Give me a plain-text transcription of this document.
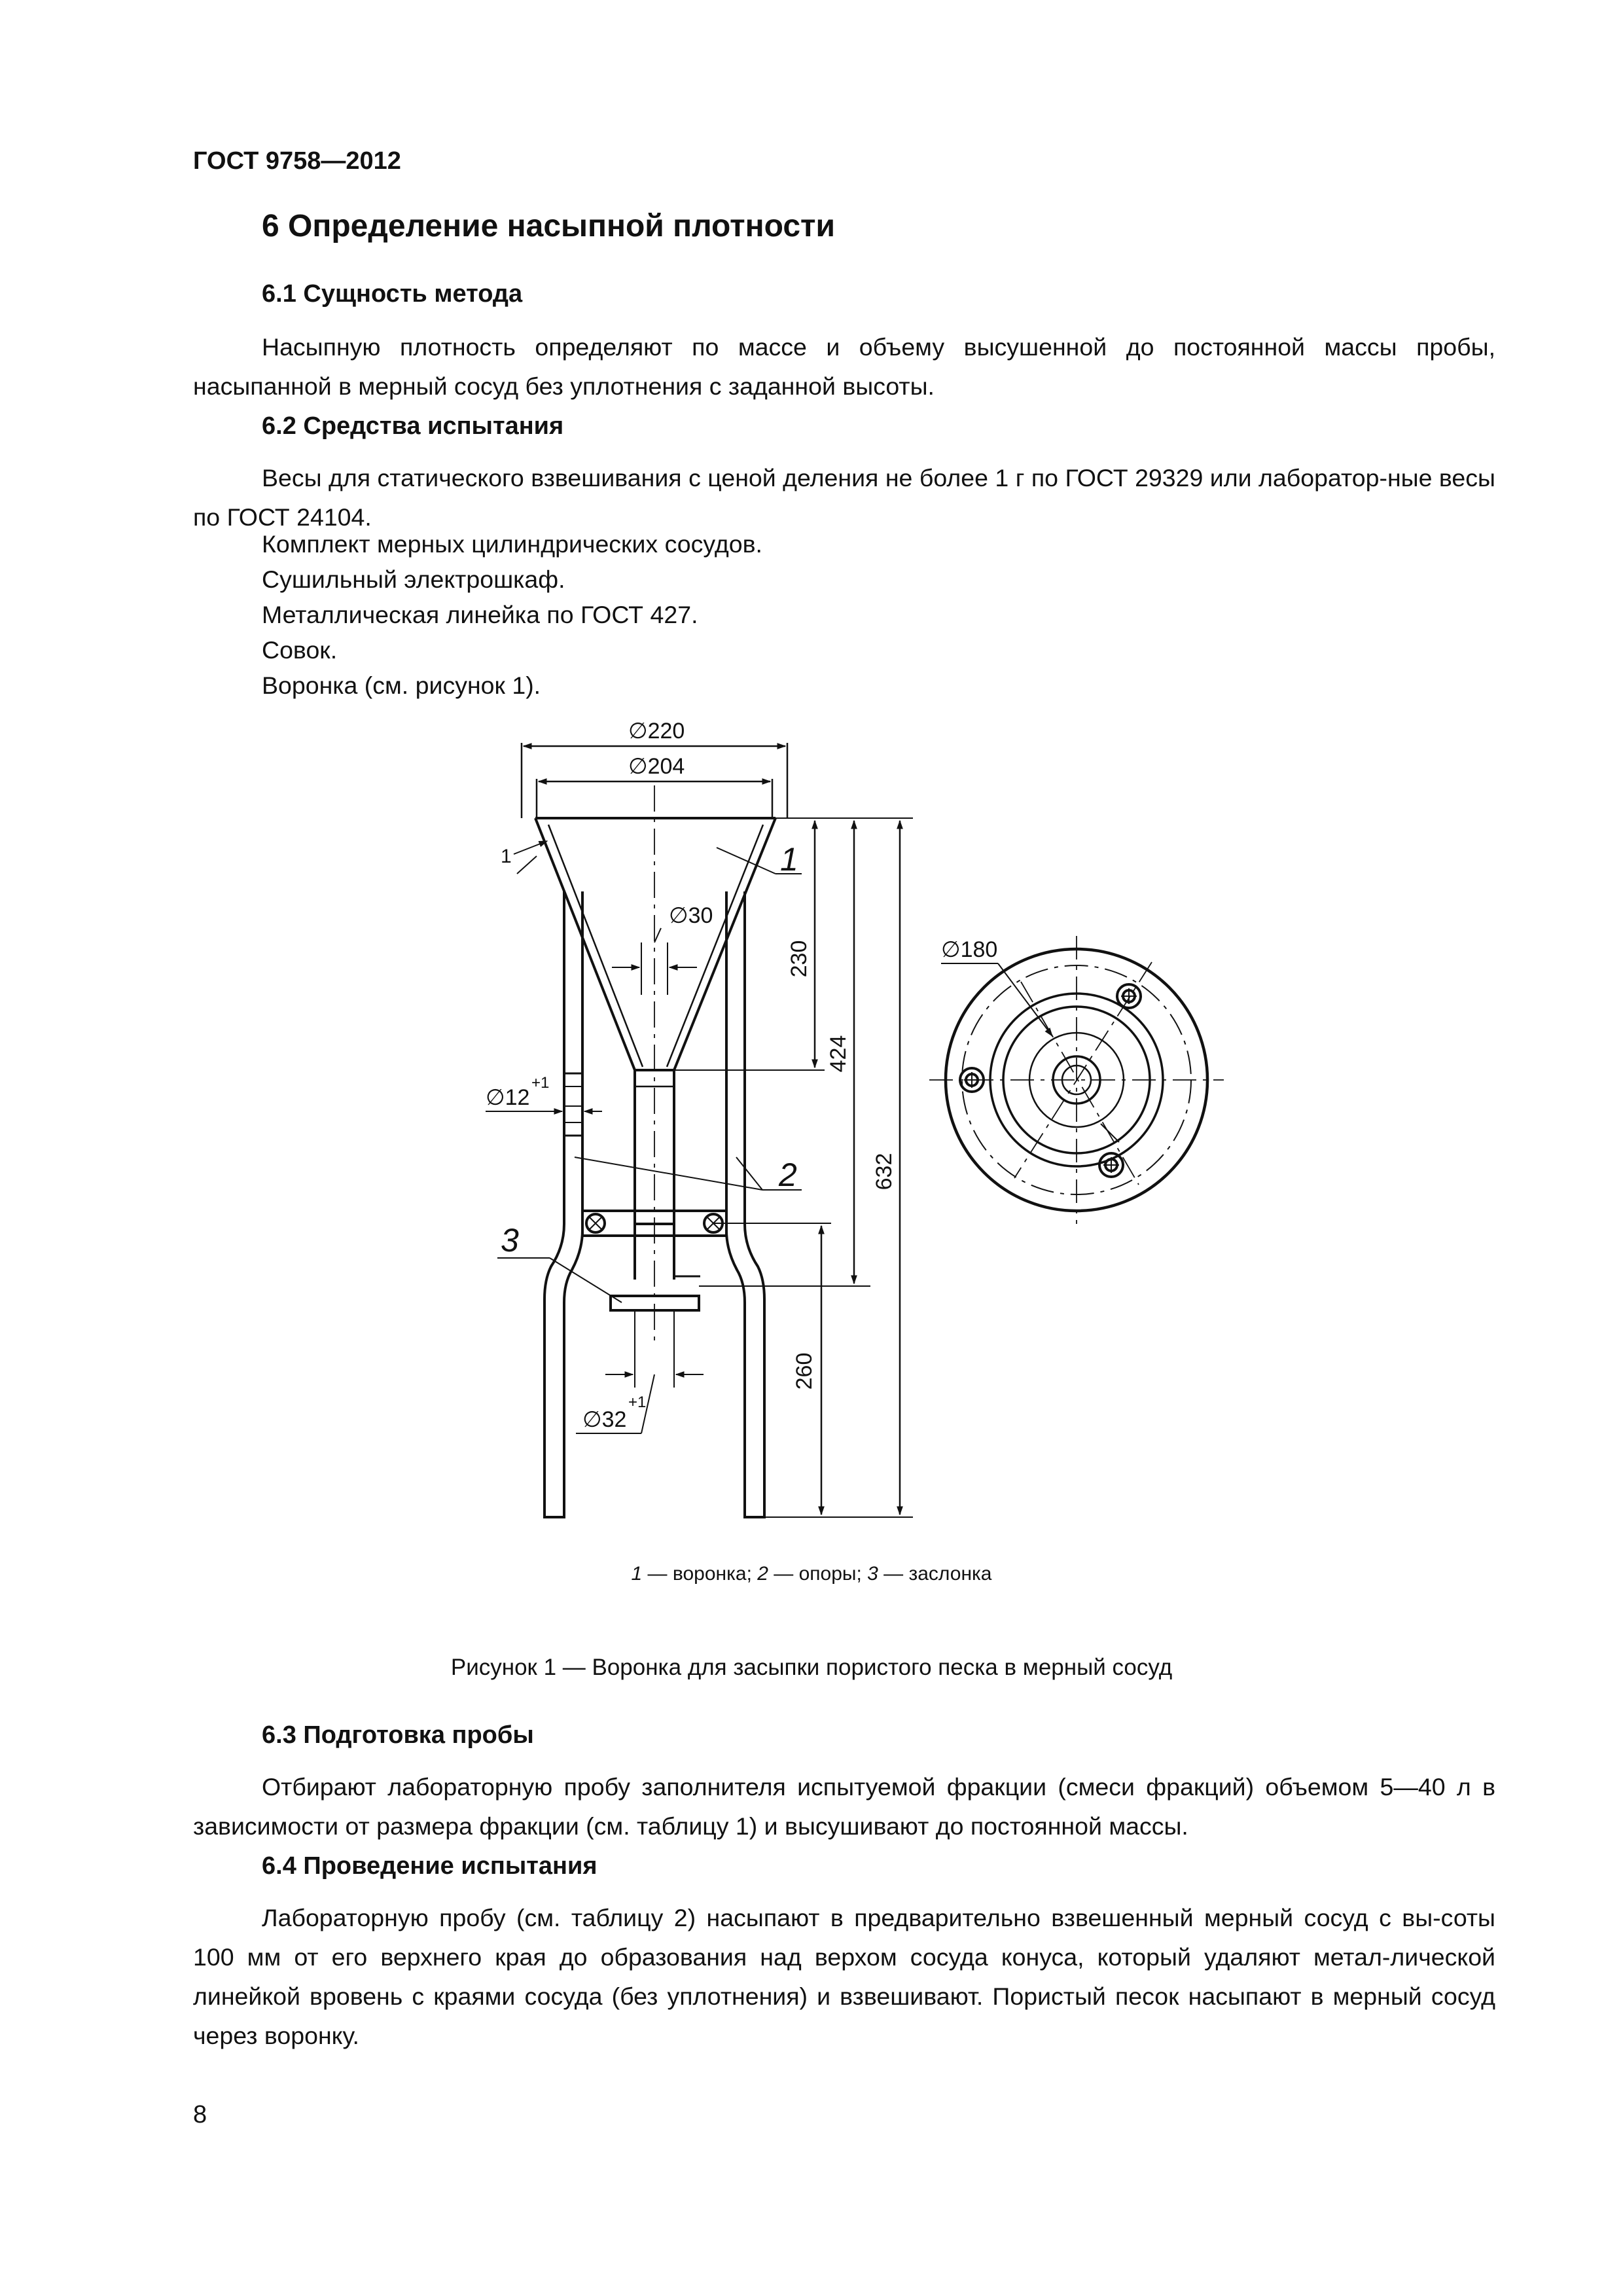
ГОСТ 9758—2012
6 Определение насыпной плотности
6.1 Сущность метода
Насыпную плотность определяют по массе и объему высушенной до постоянной массы пробы, насыпанной в мерный сосуд без уплотнения с заданной высоты.
6.2 Средства испытания
Весы для статического взвешивания с ценой деления не более 1 г по ГОСТ 29329 или лаборатор-ные весы по ГОСТ 24104.
Комплект мерных цилиндрических сосудов.
Сушильный электрошкаф.
Металлическая линейка по ГОСТ 427.
Совок.
Воронка (см. рисунок 1).
∅220
∅204
∅30
∅12
+1
∅32
+1
∅180
230
424
632
260
1	1
2
3
1 — воронка; 2 — опоры; 3 — заслонка
Рисунок 1 — Воронка для засыпки пористого песка в мерный сосуд
6.3 Подготовка пробы
Отбирают лабораторную пробу заполнителя испытуемой фракции (смеси фракций) объемом 5—40 л в зависимости от размера фракции (см. таблицу 1) и высушивают до постоянной массы.
6.4 Проведение испытания
Лабораторную пробу (см. таблицу 2) насыпают в предварительно взвешенный мерный сосуд с вы-соты 100 мм от его верхнего края до образования над верхом сосуда конуса, который удаляют метал-лической линейкой вровень с краями сосуда (без уплотнения) и взвешивают. Пористый песок насыпают в мерный сосуд через воронку.
8
